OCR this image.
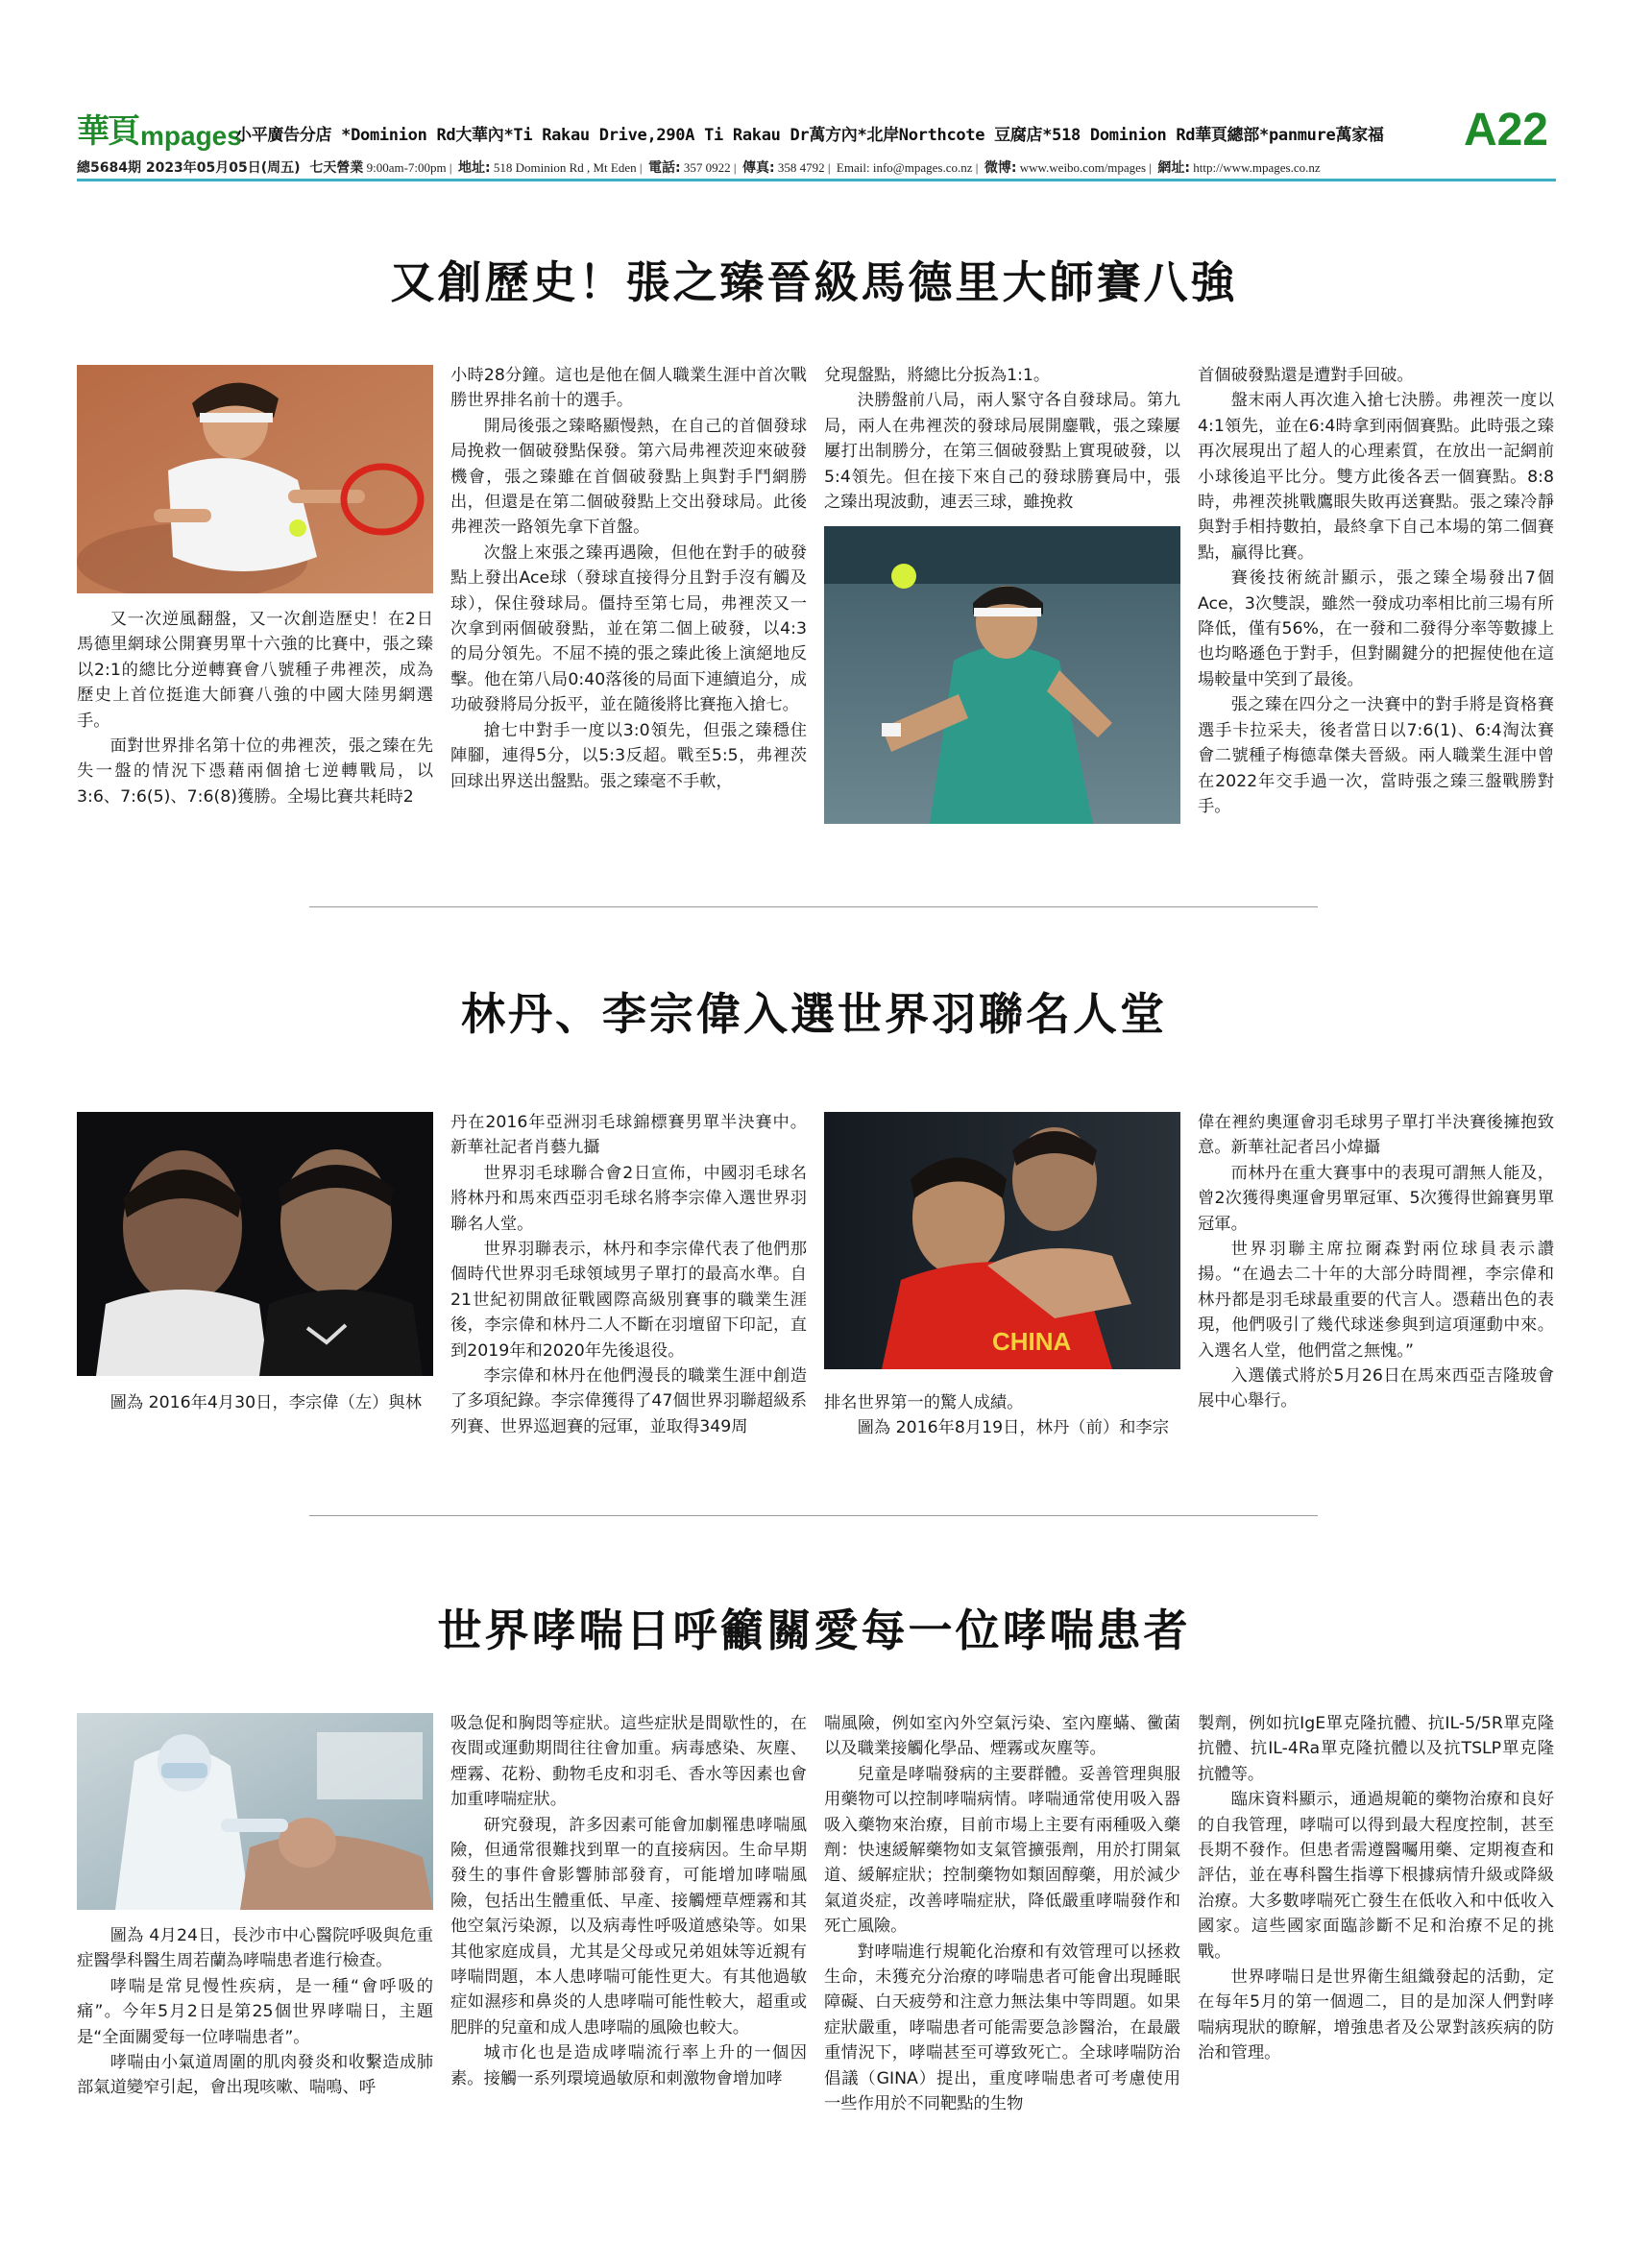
華頁 mpages
小平廣告分店 *Dominion Rd大華內*Ti Rakau Drive,290A Ti Rakau Dr萬方內*北岸Northcote 豆腐店*518 Dominion Rd華頁總部*panmure萬家福 A22
總5684期 2023年05月05日(周五) 七天營業 9:00am-7:00pm |  地址: 518 Dominion Rd , Mt Eden |  電話: 357 0922 |  傳真: 358 4792 |  Email: info@mpages.co.nz |  微博: www.weibo.com/mpages |  網址: http://www.mpages.co.nz
又創歷史！張之臻晉級馬德里大師賽八強

又一次逆風翻盤，又一次創造歷史！在2日馬德里網球公開賽男單十六強的比賽中，張之臻以2:1的總比分逆轉賽會八號種子弗裡茨，成為歷史上首位挺進大師賽八強的中國大陸男網選手。

面對世界排名第十位的弗裡茨，張之臻在先失一盤的情況下憑藉兩個搶七逆轉戰局，以3:6、7:6(5)、7:6(8)獲勝。全場比賽共耗時2

小時28分鐘。這也是他在個人職業生涯中首次戰勝世界排名前十的選手。

開局後張之臻略顯慢熱，在自己的首個發球局挽救一個破發點保發。第六局弗裡茨迎來破發機會，張之臻雖在首個破發點上與對手鬥網勝出，但還是在第二個破發點上交出發球局。此後弗裡茨一路領先拿下首盤。

次盤上來張之臻再遇險，但他在對手的破發點上發出Ace球（發球直接得分且對手沒有觸及球），保住發球局。僵持至第七局，弗裡茨又一次拿到兩個破發點，並在第二個上破發，以4:3的局分領先。不屈不撓的張之臻此後上演絕地反擊。他在第八局0:40落後的局面下連續追分，成功破發將局分扳平，並在隨後將比賽拖入搶七。

搶七中對手一度以3:0領先，但張之臻穩住陣腳，連得5分，以5:3反超。戰至5:5，弗裡茨回球出界送出盤點。張之臻毫不手軟，

兌現盤點，將總比分扳為1:1。

決勝盤前八局，兩人緊守各自發球局。第九局，兩人在弗裡茨的發球局展開鏖戰，張之臻屢屢打出制勝分，在第三個破發點上實現破發，以5:4領先。但在接下來自己的發球勝賽局中，張之臻出現波動，連丟三球，雖挽救

首個破發點還是遭對手回破。

盤末兩人再次進入搶七決勝。弗裡茨一度以4:1領先，並在6:4時拿到兩個賽點。此時張之臻再次展現出了超人的心理素質，在放出一記網前小球後追平比分。雙方此後各丟一個賽點。8:8時，弗裡茨挑戰鷹眼失敗再送賽點。張之臻冷靜與對手相持數拍，最終拿下自己本場的第二個賽點，贏得比賽。

賽後技術統計顯示，張之臻全場發出7個Ace，3次雙誤，雖然一發成功率相比前三場有所降低，僅有56%，在一發和二發得分率等數據上也均略遜色于對手，但對關鍵分的把握使他在這場較量中笑到了最後。

張之臻在四分之一決賽中的對手將是資格賽選手卡拉采夫，後者當日以7:6(1)、6:4淘汰賽會二號種子梅德韋傑夫晉級。兩人職業生涯中曾在2022年交手過一次，當時張之臻三盤戰勝對手。

林丹、李宗偉入選世界羽聯名人堂

圖為 2016年4月30日，李宗偉（左）與林

丹在2016年亞洲羽毛球錦標賽男單半決賽中。新華社記者肖藝九攝

世界羽毛球聯合會2日宣佈，中國羽毛球名將林丹和馬來西亞羽毛球名將李宗偉入選世界羽聯名人堂。

世界羽聯表示，林丹和李宗偉代表了他們那個時代世界羽毛球領域男子單打的最高水準。自21世紀初開啟征戰國際高級別賽事的職業生涯後，李宗偉和林丹二人不斷在羽壇留下印記，直到2019年和2020年先後退役。

李宗偉和林丹在他們漫長的職業生涯中創造了多項紀錄。李宗偉獲得了47個世界羽聯超級系列賽、世界巡迴賽的冠軍，並取得349周

CHINA

排名世界第一的驚人成績。

圖為 2016年8月19日，林丹（前）和李宗

偉在裡約奧運會羽毛球男子單打半決賽後擁抱致意。新華社記者呂小煒攝

而林丹在重大賽事中的表現可謂無人能及，曾2次獲得奧運會男單冠軍、5次獲得世錦賽男單冠軍。

世界羽聯主席拉爾森對兩位球員表示讚揚。“在過去二十年的大部分時間裡，李宗偉和林丹都是羽毛球最重要的代言人。憑藉出色的表現，他們吸引了幾代球迷參與到這項運動中來。入選名人堂，他們當之無愧。”

入選儀式將於5月26日在馬來西亞吉隆玻會展中心舉行。

世界哮喘日呼籲關愛每一位哮喘患者

圖為 4月24日，長沙市中心醫院呼吸與危重症醫學科醫生周若蘭為哮喘患者進行檢查。

哮喘是常見慢性疾病，是一種“會呼吸的痛”。今年5月2日是第25個世界哮喘日，主題是“全面關愛每一位哮喘患者”。

哮喘由小氣道周圍的肌肉發炎和收繫造成肺部氣道變窄引起，會出現咳嗽、喘鳴、呼

吸急促和胸悶等症狀。這些症狀是間歇性的，在夜間或運動期間往往會加重。病毒感染、灰塵、煙霧、花粉、動物毛皮和羽毛、香水等因素也會加重哮喘症狀。

研究發現，許多因素可能會加劇罹患哮喘風險，但通常很難找到單一的直接病因。生命早期發生的事件會影響肺部發育，可能增加哮喘風險，包括出生體重低、早產、接觸煙草煙霧和其他空氣污染源，以及病毒性呼吸道感染等。如果其他家庭成員，尤其是父母或兄弟姐妹等近親有哮喘問題，本人患哮喘可能性更大。有其他過敏症如濕疹和鼻炎的人患哮喘可能性較大，超重或肥胖的兒童和成人患哮喘的風險也較大。

城市化也是造成哮喘流行率上升的一個因素。接觸一系列環境過敏原和刺激物會增加哮

喘風險，例如室內外空氣污染、室內塵蟎、黴菌以及職業接觸化學品、煙霧或灰塵等。

兒童是哮喘發病的主要群體。妥善管理與服用藥物可以控制哮喘病情。哮喘通常使用吸入器吸入藥物來治療，目前市場上主要有兩種吸入藥劑：快速緩解藥物如支氣管擴張劑，用於打開氣道、緩解症狀；控制藥物如類固醇藥，用於減少氣道炎症，改善哮喘症狀，降低嚴重哮喘發作和死亡風險。

對哮喘進行規範化治療和有效管理可以拯救生命，未獲充分治療的哮喘患者可能會出現睡眠障礙、白天疲勞和注意力無法集中等問題。如果症狀嚴重，哮喘患者可能需要急診醫治，在最嚴重情況下，哮喘甚至可導致死亡。全球哮喘防治倡議（GINA）提出，重度哮喘患者可考慮使用一些作用於不同靶點的生物

製劑，例如抗IgE單克隆抗體、抗IL-5/5R單克隆抗體、抗IL-4Ra單克隆抗體以及抗TSLP單克隆抗體等。

臨床資料顯示，通過規範的藥物治療和良好的自我管理，哮喘可以得到最大程度控制，甚至長期不發作。但患者需遵醫囑用藥、定期複查和評估，並在專科醫生指導下根據病情升級或降級治療。大多數哮喘死亡發生在低收入和中低收入國家。這些國家面臨診斷不足和治療不足的挑戰。

世界哮喘日是世界衛生組織發起的活動，定在每年5月的第一個週二，目的是加深人們對哮喘病現狀的瞭解，增強患者及公眾對該疾病的防治和管理。
